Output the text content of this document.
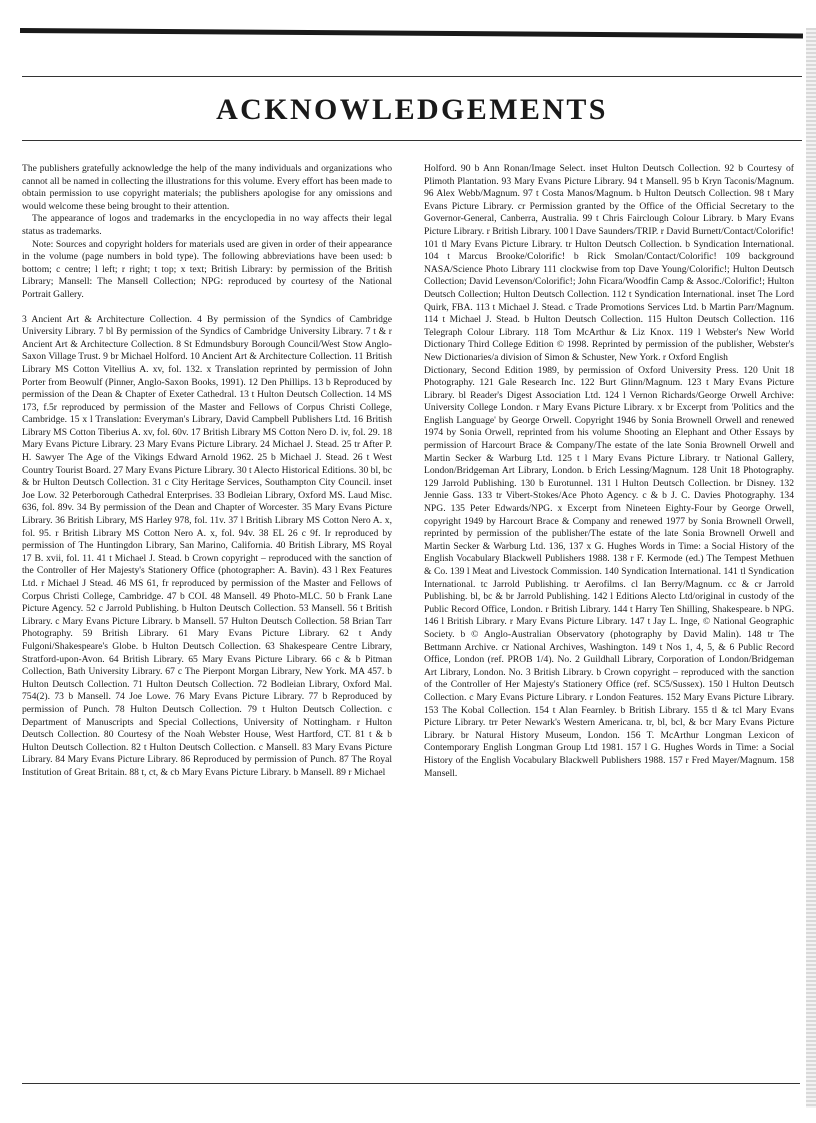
ACKNOWLEDGEMENTS

The publishers gratefully acknowledge the help of the many individuals and organizations who cannot all be named in collecting the illustrations for this volume. Every effort has been made to obtain permission to use copyright materials; the publishers apologise for any omissions and would welcome these being brought to their attention.

The appearance of logos and trademarks in the encyclopedia in no way affects their legal status as trademarks.

Note: Sources and copyright holders for materials used are given in order of their appearance in the volume (page numbers in bold type). The following abbreviations have been used: b bottom; c centre; l left; r right; t top; x text; British Library: by permission of the British Library; Mansell: The Mansell Collection; NPG: reproduced by courtesy of the National Portrait Gallery.

3 Ancient Art & Architecture Collection. 4 By permission of the Syndics of Cambridge University Library. 7 bl By permission of the Syndics of Cambridge University Library. 7 t & r Ancient Art & Architecture Collection. 8 St Edmundsbury Borough Council/West Stow Anglo-Saxon Village Trust. 9 br Michael Holford. 10 Ancient Art & Architecture Collection. 11 British Library MS Cotton Vitellius A. xv, fol. 132. x Translation reprinted by permission of John Porter from Beowulf (Pinner, Anglo-Saxon Books, 1991). 12 Den Phillips. 13 b Reproduced by permission of the Dean & Chapter of Exeter Cathedral. 13 t Hulton Deutsch Collection. 14 MS 173, f.5r reproduced by permission of the Master and Fellows of Corpus Christi College, Cambridge. 15 x l Translation: Everyman's Library, David Campbell Publishers Ltd. 16 British Library MS Cotton Tiberius A. xv, fol. 60v. 17 British Library MS Cotton Nero D. iv, fol. 29. 18 Mary Evans Picture Library. 23 Mary Evans Picture Library. 24 Michael J. Stead. 25 tr After P. H. Sawyer The Age of the Vikings Edward Arnold 1962. 25 b Michael J. Stead. 26 t West Country Tourist Board. 27 Mary Evans Picture Library. 30 t Alecto Historical Editions. 30 bl, bc & br Hulton Deutsch Collection. 31 c City Heritage Services, Southampton City Council. inset Joe Low. 32 Peterborough Cathedral Enterprises. 33 Bodleian Library, Oxford MS. Laud Misc. 636, fol. 89v. 34 By permission of the Dean and Chapter of Worcester. 35 Mary Evans Picture Library. 36 British Library, MS Harley 978, fol. 11v. 37 l British Library MS Cotton Nero A. x, fol. 95. r British Library MS Cotton Nero A. x, fol. 94v. 38 EL 26 c 9f. Ir reproduced by permission of The Huntingdon Library, San Marino, California. 40 British Library, MS Royal 17 B. xvii, fol. 11. 41 t Michael J. Stead. b Crown copyright – reproduced with the sanction of the Controller of Her Majesty's Stationery Office (photographer: A. Bavin). 43 l Rex Features Ltd. r Michael J Stead. 46 MS 61, fr reproduced by permission of the Master and Fellows of Corpus Christi College, Cambridge. 47 b COI. 48 Mansell. 49 Photo-MLC. 50 b Frank Lane Picture Agency. 52 c Jarrold Publishing. b Hulton Deutsch Collection. 53 Mansell. 56 t British Library. c Mary Evans Picture Library. b Mansell. 57 Hulton Deutsch Collection. 58 Brian Tarr Photography. 59 British Library. 61 Mary Evans Picture Library. 62 t Andy Fulgoni/Shakespeare's Globe. b Hulton Deutsch Collection. 63 Shakespeare Centre Library, Stratford-upon-Avon. 64 British Library. 65 Mary Evans Picture Library. 66 c & b Pitman Collection, Bath University Library. 67 c The Pierpont Morgan Library, New York. MA 457. b Hulton Deutsch Collection. 71 Hulton Deutsch Collection. 72 Bodleian Library, Oxford Mal. 754(2). 73 b Mansell. 74 Joe Lowe. 76 Mary Evans Picture Library. 77 b Reproduced by permission of Punch. 78 Hulton Deutsch Collection. 79 t Hulton Deutsch Collection. c Department of Manuscripts and Special Collections, University of Nottingham. r Hulton Deutsch Collection. 80 Courtesy of the Noah Webster House, West Hartford, CT. 81 t & b Hulton Deutsch Collection. 82 t Hulton Deutsch Collection. c Mansell. 83 Mary Evans Picture Library. 84 Mary Evans Picture Library. 86 Reproduced by permission of Punch. 87 The Royal Institution of Great Britain. 88 t, ct, & cb Mary Evans Picture Library. b Mansell. 89 r Michael

Holford. 90 b Ann Ronan/Image Select. inset Hulton Deutsch Collection. 92 b Courtesy of Plimoth Plantation. 93 Mary Evans Picture Library. 94 t Mansell. 95 b Kryn Taconis/Magnum. 96 Alex Webb/Magnum. 97 t Costa Manos/Magnum. b Hulton Deutsch Collection. 98 t Mary Evans Picture Library. cr Permission granted by the Office of the Official Secretary to the Governor-General, Canberra, Australia. 99 t Chris Fairclough Colour Library. b Mary Evans Picture Library. r British Library. 100 l Dave Saunders/TRIP. r David Burnett/Contact/Colorific! 101 tl Mary Evans Picture Library. tr Hulton Deutsch Collection. b Syndication International. 104 t Marcus Brooke/Colorific! b Rick Smolan/Contact/Colorific! 109 background NASA/Science Photo Library 111 clockwise from top Dave Young/Colorific!; Hulton Deutsch Collection; David Levenson/Colorific!; John Ficara/Woodfin Camp & Assoc./Colorific!; Hulton Deutsch Collection; Hulton Deutsch Collection. 112 t Syndication International. inset The Lord Quirk, FBA. 113 t Michael J. Stead. c Trade Promotions Services Ltd. b Martin Parr/Magnum. 114 t Michael J. Stead. b Hulton Deutsch Collection. 115 Hulton Deutsch Collection. 116 Telegraph Colour Library. 118 Tom McArthur & Liz Knox. 119 l Webster's New World Dictionary Third College Edition © 1998. Reprinted by permission of the publisher, Webster's New Dictionaries/a division of Simon & Schuster, New York. r Oxford English

Dictionary, Second Edition 1989, by permission of Oxford University Press. 120 Unit 18 Photography. 121 Gale Research Inc. 122 Burt Glinn/Magnum. 123 t Mary Evans Picture Library. bl Reader's Digest Association Ltd. 124 l Vernon Richards/George Orwell Archive: University College London. r Mary Evans Picture Library. x br Excerpt from 'Politics and the English Language' by George Orwell. Copyright 1946 by Sonia Brownell Orwell and renewed 1974 by Sonia Orwell, reprinted from his volume Shooting an Elephant and Other Essays by permission of Harcourt Brace & Company/The estate of the late Sonia Brownell Orwell and Martin Secker & Warburg Ltd. 125 t l Mary Evans Picture Library. tr National Gallery, London/Bridgeman Art Library, London. b Erich Lessing/Magnum. 128 Unit 18 Photography. 129 Jarrold Publishing. 130 b Eurotunnel. 131 l Hulton Deutsch Collection. br Disney. 132 Jennie Gass. 133 tr Vibert-Stokes/Ace Photo Agency. c & b J. C. Davies Photography. 134 NPG. 135 Peter Edwards/NPG. x Excerpt from Nineteen Eighty-Four by George Orwell, copyright 1949 by Harcourt Brace & Company and renewed 1977 by Sonia Brownell Orwell, reprinted by permission of the publisher/The estate of the late Sonia Brownell Orwell and Martin Secker & Warburg Ltd. 136, 137 x G. Hughes Words in Time: a Social History of the English Vocabulary Blackwell Publishers 1988. 138 r F. Kermode (ed.) The Tempest Methuen & Co. 139 l Meat and Livestock Commission. 140 Syndication International. 141 tl Syndication International. tc Jarrold Publishing. tr Aerofilms. cl Ian Berry/Magnum. cc & cr Jarrold Publishing. bl, bc & br Jarrold Publishing. 142 l Editions Alecto Ltd/original in custody of the Public Record Office, London. r British Library. 144 t Harry Ten Shilling, Shakespeare. b NPG. 146 l British Library. r Mary Evans Picture Library. 147 t Jay L. Inge, © National Geographic Society. b © Anglo-Australian Observatory (photography by David Malin). 148 tr The Bettmann Archive. cr National Archives, Washington. 149 t Nos 1, 4, 5, & 6 Public Record Office, London (ref. PROB 1/4). No. 2 Guildhall Library, Corporation of London/Bridgeman Art Library, London. No. 3 British Library. b Crown copyright – reproduced with the sanction of the Controller of Her Majesty's Stationery Office (ref. SC5/Sussex). 150 l Hulton Deutsch Collection. c Mary Evans Picture Library. r London Features. 152 Mary Evans Picture Library. 153 The Kobal Collection. 154 t Alan Fearnley. b British Library. 155 tl & tcl Mary Evans Picture Library. trr Peter Newark's Western Americana. tr, bl, bcl, & bcr Mary Evans Picture Library. br Natural History Museum, London. 156 T. McArthur Longman Lexicon of Contemporary English Longman Group Ltd 1981. 157 l G. Hughes Words in Time: a Social History of the English Vocabulary Blackwell Publishers 1988. 157 r Fred Mayer/Magnum. 158 Mansell.
